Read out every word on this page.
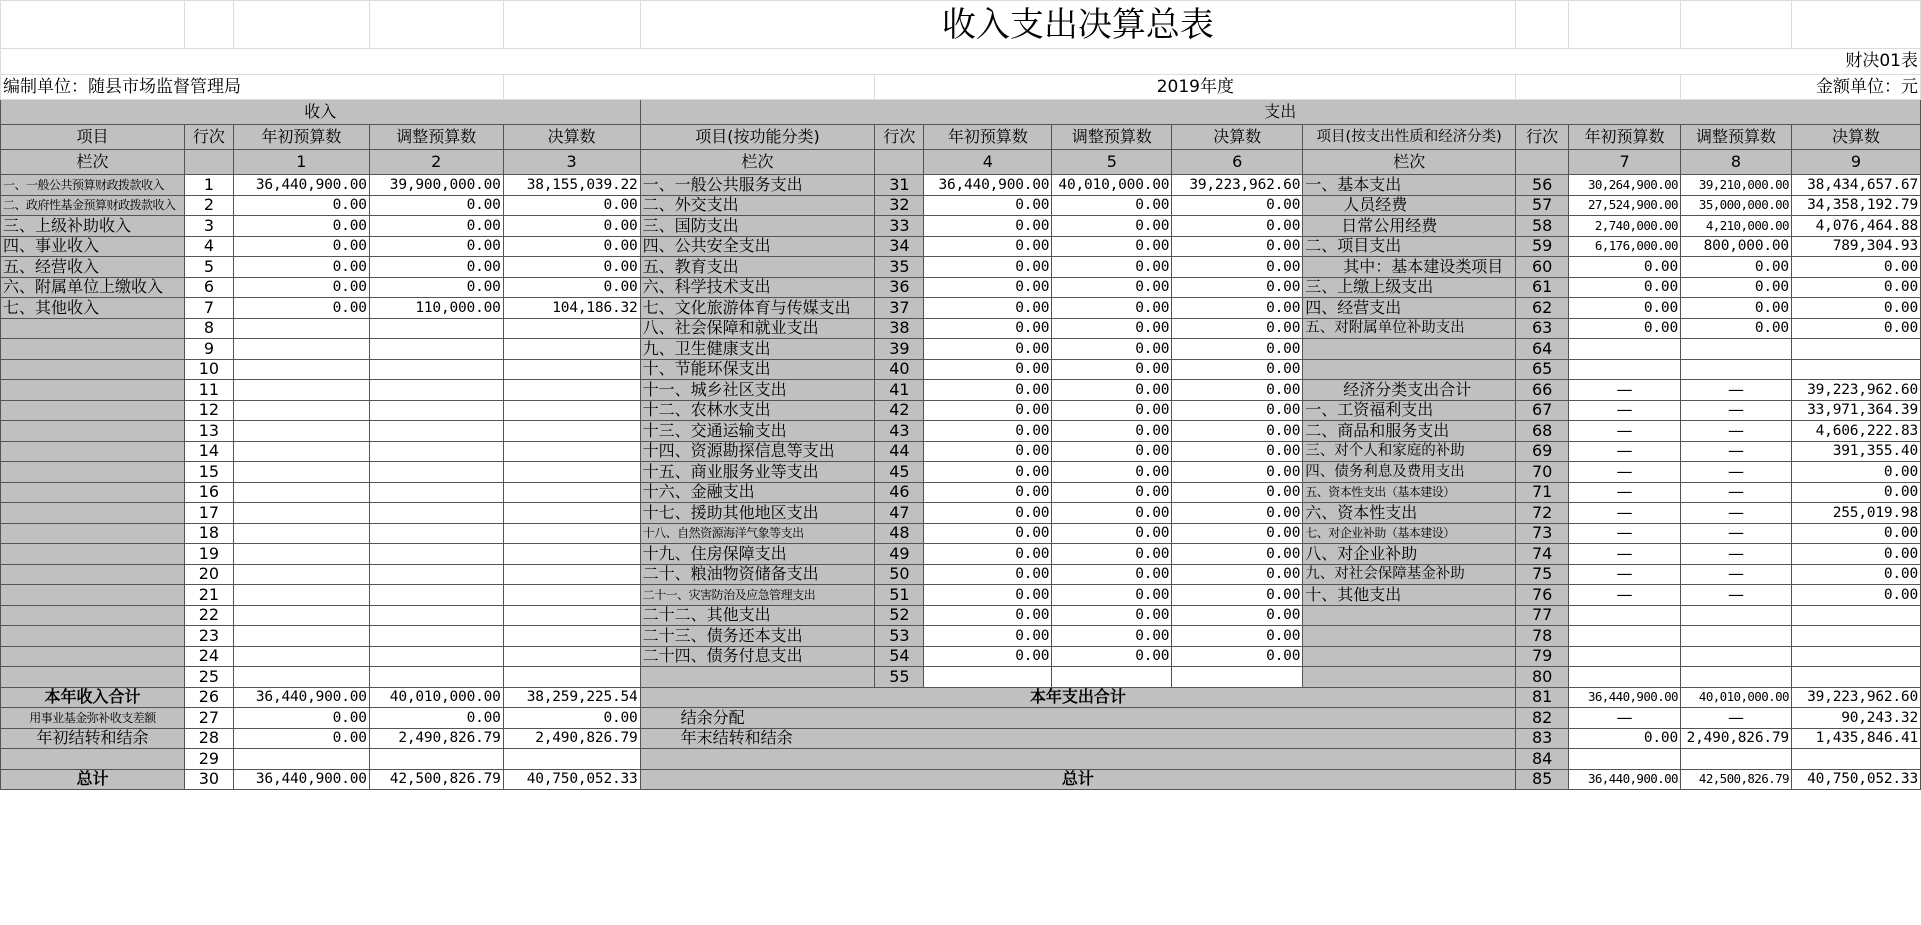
					收入支出决算总表									
财决01表														
编制单位：随县市场监督管理局						2019年度							金额单位：元	
收入					支出									
项目	行次	年初预算数	调整预算数	决算数	项目(按功能分类)	行次	年初预算数	调整预算数	决算数	项目(按支出性质和经济分类)	行次	年初预算数	调整预算数	决算数
栏次		1	2	3	栏次		4	5	6	栏次		7	8	9
一、一般公共预算财政拨款收入	1	36,440,900.00	39,900,000.00	38,155,039.22	一、一般公共服务支出	31	36,440,900.00	40,010,000.00	39,223,962.60	一、基本支出	56	30,264,900.00	39,210,000.00	38,434,657.67
二、政府性基金预算财政拨款收入	2	0.00	0.00	0.00	二、外交支出	32	0.00	0.00	0.00	人员经费	57	27,524,900.00	35,000,000.00	34,358,192.79
三、上级补助收入	3	0.00	0.00	0.00	三、国防支出	33	0.00	0.00	0.00	日常公用经费	58	2,740,000.00	4,210,000.00	4,076,464.88
四、事业收入	4	0.00	0.00	0.00	四、公共安全支出	34	0.00	0.00	0.00	二、项目支出	59	6,176,000.00	800,000.00	789,304.93
五、经营收入	5	0.00	0.00	0.00	五、教育支出	35	0.00	0.00	0.00	其中：基本建设类项目	60	0.00	0.00	0.00
六、附属单位上缴收入	6	0.00	0.00	0.00	六、科学技术支出	36	0.00	0.00	0.00	三、上缴上级支出	61	0.00	0.00	0.00
七、其他收入	7	0.00	110,000.00	104,186.32	七、文化旅游体育与传媒支出	37	0.00	0.00	0.00	四、经营支出	62	0.00	0.00	0.00
	8				八、社会保障和就业支出	38	0.00	0.00	0.00	五、对附属单位补助支出	63	0.00	0.00	0.00
	9				九、卫生健康支出	39	0.00	0.00	0.00		64			
	10				十、节能环保支出	40	0.00	0.00	0.00		65			
	11				十一、城乡社区支出	41	0.00	0.00	0.00	经济分类支出合计	66	—	—	39,223,962.60
	12				十二、农林水支出	42	0.00	0.00	0.00	一、工资福利支出	67	—	—	33,971,364.39
	13				十三、交通运输支出	43	0.00	0.00	0.00	二、商品和服务支出	68	—	—	4,606,222.83
	14				十四、资源勘探信息等支出	44	0.00	0.00	0.00	三、对个人和家庭的补助	69	—	—	391,355.40
	15				十五、商业服务业等支出	45	0.00	0.00	0.00	四、债务利息及费用支出	70	—	—	0.00
	16				十六、金融支出	46	0.00	0.00	0.00	五、资本性支出（基本建设）	71	—	—	0.00
	17				十七、援助其他地区支出	47	0.00	0.00	0.00	六、资本性支出	72	—	—	255,019.98
	18				十八、自然资源海洋气象等支出	48	0.00	0.00	0.00	七、对企业补助（基本建设）	73	—	—	0.00
	19				十九、住房保障支出	49	0.00	0.00	0.00	八、对企业补助	74	—	—	0.00
	20				二十、粮油物资储备支出	50	0.00	0.00	0.00	九、对社会保障基金补助	75	—	—	0.00
	21				二十一、灾害防治及应急管理支出	51	0.00	0.00	0.00	十、其他支出	76	—	—	0.00
	22				二十二、其他支出	52	0.00	0.00	0.00		77			
	23				二十三、债务还本支出	53	0.00	0.00	0.00		78			
	24				二十四、债务付息支出	54	0.00	0.00	0.00		79			
	25					55					80			
本年收入合计	26	36,440,900.00	40,010,000.00	38,259,225.54	本年支出合计						81	36,440,900.00	40,010,000.00	39,223,962.60
用事业基金弥补收支差额	27	0.00	0.00	0.00	结余分配						82	—	—	90,243.32
年初结转和结余	28	0.00	2,490,826.79	2,490,826.79	年末结转和结余						83	0.00	2,490,826.79	1,435,846.41
	29										84			
总计	30	36,440,900.00	42,500,826.79	40,750,052.33	总计						85	36,440,900.00	42,500,826.79	40,750,052.33
